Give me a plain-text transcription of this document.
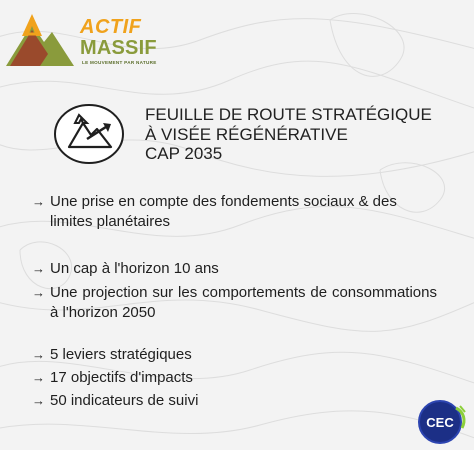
ACTIF
MASSIF
LE MOUVEMENT PAR NATURE
FEUILLE DE ROUTE STRATÉGIQUE
À VISÉE RÉGÉNÉRATIVE
CAP 2035
→ Une prise en compte des fondements sociaux & des limites planétaires
→ Un cap à l'horizon 10 ans
→ Une projection sur les comportements de consommations à l'horizon 2050
→ 5 leviers stratégiques
→ 17 objectifs d'impacts
→ 50 indicateurs de suivi
CEC
